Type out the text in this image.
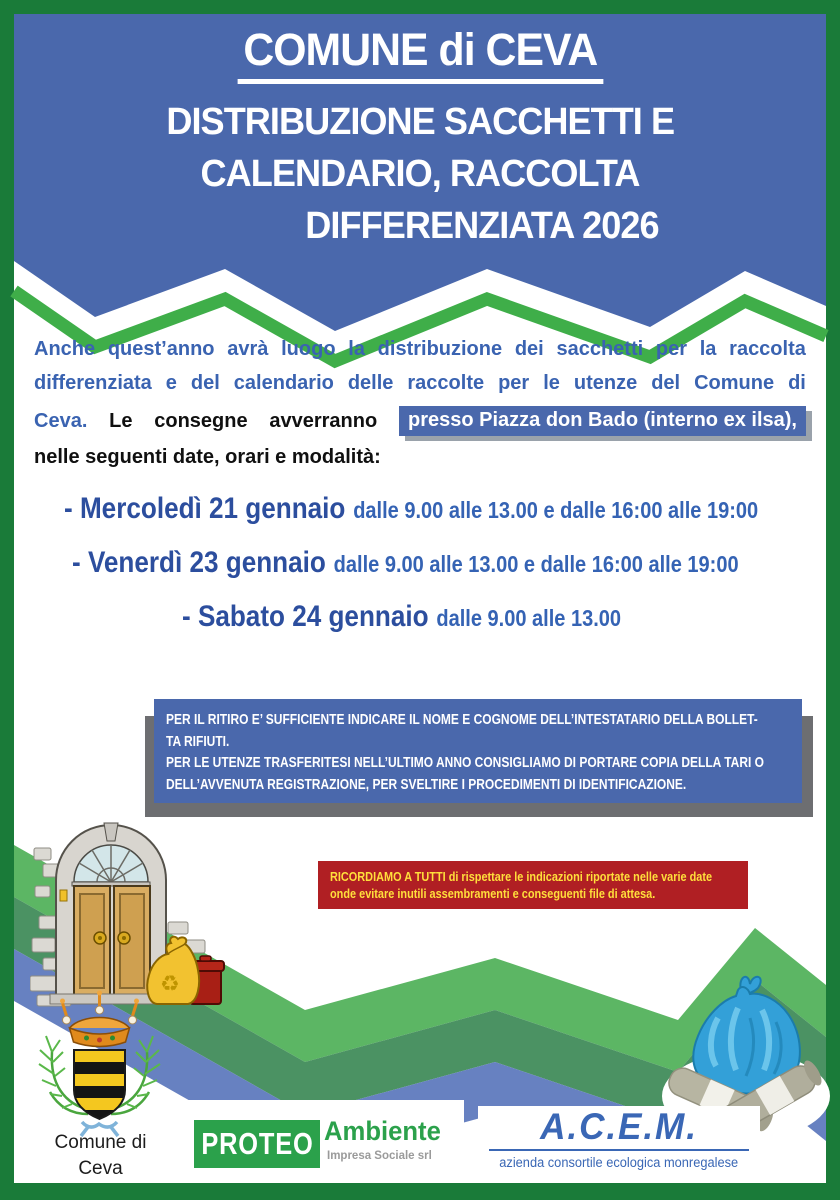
COMUNE di CEVA
DISTRIBUZIONE SACCHETTI E
CALENDARIO, RACCOLTA
DIFFERENZIATA 2026
Anche quest’anno avrà luogo la distribuzione dei sacchetti per la raccolta
differenziata e del calendario delle raccolte per le utenze del Comune di
Ceva. Le consegne avverranno	presso Piazza don Bado (interno ex ilsa),
nelle seguenti date, orari e modalità:
- Mercoledì 21 gennaio dalle 9.00 alle 13.00 e dalle 16:00 alle 19:00
- Venerdì 23 gennaio dalle 9.00 alle 13.00 e dalle 16:00 alle 19:00
- Sabato 24 gennaio dalle 9.00 alle 13.00
PER IL RITIRO E’ SUFFICIENTE INDICARE IL NOME E COGNOME DELL’INTESTATARIO DELLA BOLLET-
TA RIFIUTI.
PER LE UTENZE TRASFERITESI NELL’ULTIMO ANNO CONSIGLIAMO DI PORTARE COPIA DELLA TARI O
DELL’AVVENUTA REGISTRAZIONE, PER SVELTIRE I PROCEDIMENTI DI IDENTIFICAZIONE.
RICORDIAMO A TUTTI di rispettare le indicazioni riportate nelle varie date
onde evitare inutili assembramenti e conseguenti file di attesa.
♻
Comune di
Ceva
PROTEO Ambiente
Impresa Sociale srl
A.C.E.M.
azienda consortile ecologica monregalese
